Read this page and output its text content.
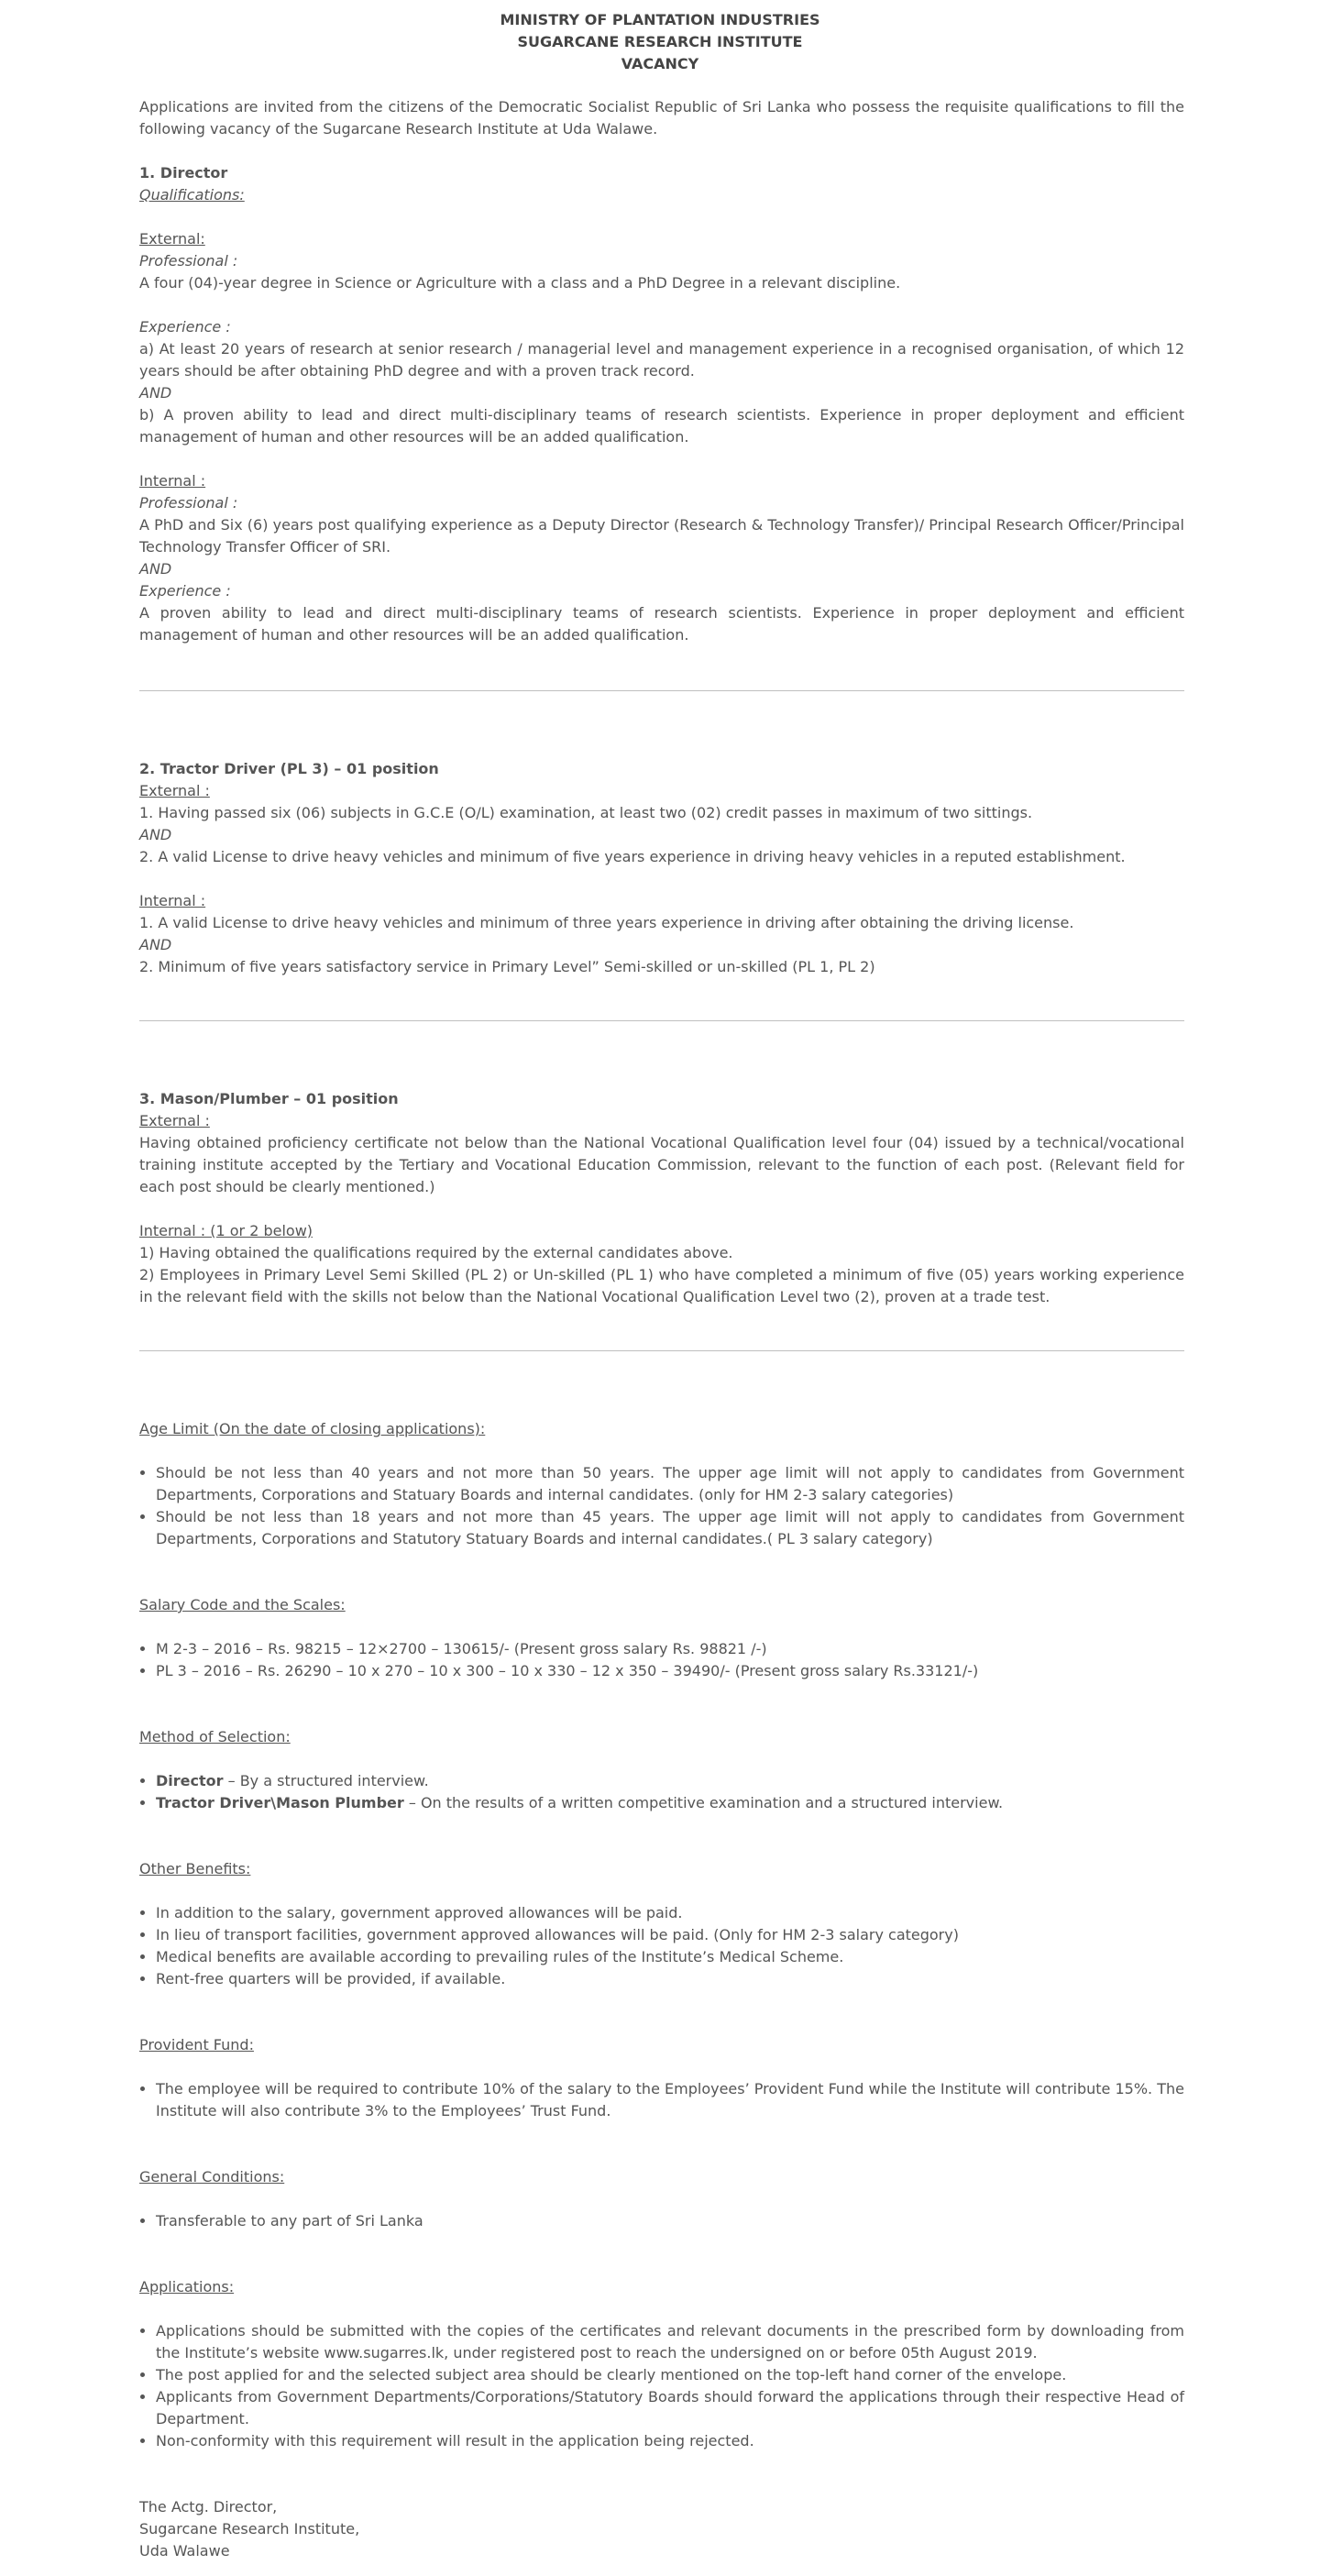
MINISTRY OF PLANTATION INDUSTRIES
SUGARCANE RESEARCH INSTITUTE
VACANCY

Applications are invited from the citizens of the Democratic Socialist Republic of Sri Lanka who possess the requisite qualifications to fill the following vacancy of the Sugarcane Research Institute at Uda Walawe.

1. Director

Qualifications:

External:

Professional :

A four (04)-year degree in Science or Agriculture with a class and a PhD Degree in a relevant discipline.

Experience :

a) At least 20 years of research at senior research / managerial level and management experience in a recognised organisation, of which 12 years should be after obtaining PhD degree and with a proven track record.

AND

b) A proven ability to lead and direct multi-disciplinary teams of research scientists. Experience in proper deployment and efficient management of human and other resources will be an added qualification.

Internal :

Professional :

A PhD and Six (6) years post qualifying experience as a Deputy Director (Research & Technology Transfer)/ Principal Research Officer/Principal Technology Transfer Officer of SRI.

AND

Experience :

A proven ability to lead and direct multi-disciplinary teams of research scientists. Experience in proper deployment and efficient management of human and other resources will be an added qualification.

2. Tractor Driver (PL 3) – 01 position

External :

1. Having passed six (06) subjects in G.C.E (O/L) examination, at least two (02) credit passes in maximum of two sittings.

AND

2. A valid License to drive heavy vehicles and minimum of five years experience in driving heavy vehicles in a reputed establishment.

Internal :

1. A valid License to drive heavy vehicles and minimum of three years experience in driving after obtaining the driving license.

AND

2. Minimum of five years satisfactory service in Primary Level” Semi-skilled or un-skilled (PL 1, PL 2)

3. Mason/Plumber – 01 position

External :

Having obtained proficiency certificate not below than the National Vocational Qualification level four (04) issued by a technical/vocational training institute accepted by the Tertiary and Vocational Education Commission, relevant to the function of each post. (Relevant field for each post should be clearly mentioned.)

Internal : (1 or 2 below)

1) Having obtained the qualifications required by the external candidates above.

2) Employees in Primary Level Semi Skilled (PL 2) or Un-skilled (PL 1) who have completed a minimum of five (05) years working experience in the relevant field with the skills not below than the National Vocational Qualification Level two (2), proven at a trade test.

Age Limit (On the date of closing applications):

• Should be not less than 40 years and not more than 50 years. The upper age limit will not apply to candidates from Government Departments, Corporations and Statuary Boards and internal candidates. (only for HM 2-3 salary categories)
• Should be not less than 18 years and not more than 45 years. The upper age limit will not apply to candidates from Government Departments, Corporations and Statutory Statuary Boards and internal candidates.( PL 3 salary category)

Salary Code and the Scales:

• M 2-3 – 2016 – Rs. 98215 – 12×2700 – 130615/- (Present gross salary Rs. 98821 /-)
• PL 3 – 2016 – Rs. 26290 – 10 x 270 – 10 x 300 – 10 x 330 – 12 x 350 – 39490/- (Present gross salary Rs.33121/-)

Method of Selection:

• Director – By a structured interview.
• Tractor Driver\Mason Plumber – On the results of a written competitive examination and a structured interview.

Other Benefits:

• In addition to the salary, government approved allowances will be paid.
• In lieu of transport facilities, government approved allowances will be paid. (Only for HM 2-3 salary category)
• Medical benefits are available according to prevailing rules of the Institute’s Medical Scheme.
• Rent-free quarters will be provided, if available.

Provident Fund:

• The employee will be required to contribute 10% of the salary to the Employees’ Provident Fund while the Institute will contribute 15%. The Institute will also contribute 3% to the Employees’ Trust Fund.

General Conditions:

• Transferable to any part of Sri Lanka

Applications:

• Applications should be submitted with the copies of the certificates and relevant documents in the prescribed form by downloading from the Institute’s website www.sugarres.lk, under registered post to reach the undersigned on or before 05th August 2019.
• The post applied for and the selected subject area should be clearly mentioned on the top-left hand corner of the envelope.
• Applicants from Government Departments/Corporations/Statutory Boards should forward the applications through their respective Head of Department.
• Non-conformity with this requirement will result in the application being rejected.

The Actg. Director,

Sugarcane Research Institute,

Uda Walawe
